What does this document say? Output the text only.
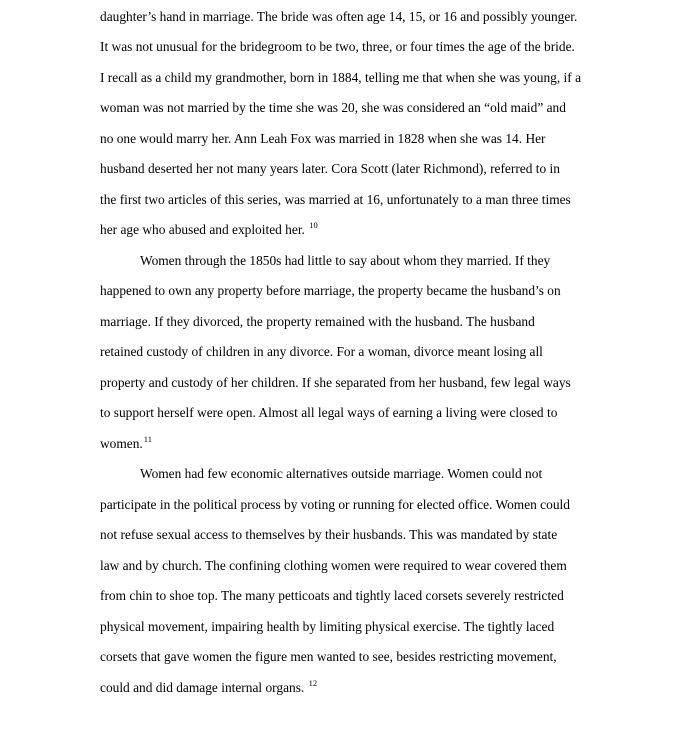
daughter’s hand in marriage. The bride was often age 14, 15, or 16 and possibly younger.
It was not unusual for the bridegroom to be two, three, or four times the age of the bride.
I recall as a child my grandmother, born in 1884, telling me that when she was young, if a
woman was not married by the time she was 20, she was considered an “old maid” and
no one would marry her. Ann Leah Fox was married in 1828 when she was 14. Her
husband deserted her not many years later. Cora Scott (later Richmond), referred to in
the first two articles of this series, was married at 16, unfortunately to a man three times
her age who abused and exploited her. $^{10}$
Women through the 1850s had little to say about whom they married. If they
happened to own any property before marriage, the property became the husband’s on
marriage. If they divorced, the property remained with the husband. The husband
retained custody of children in any divorce. For a woman, divorce meant losing all
property and custody of her children. If she separated from her husband, few legal ways
to support herself were open. Almost all legal ways of earning a living were closed to
women.$^{11}$
Women had few economic alternatives outside marriage. Women could not
participate in the political process by voting or running for elected office. Women could
not refuse sexual access to themselves by their husbands. This was mandated by state
law and by church. The confining clothing women were required to wear covered them
from chin to shoe top. The many petticoats and tightly laced corsets severely restricted
physical movement, impairing health by limiting physical exercise. The tightly laced
corsets that gave women the figure men wanted to see, besides restricting movement,
could and did damage internal organs. $^{12}$
